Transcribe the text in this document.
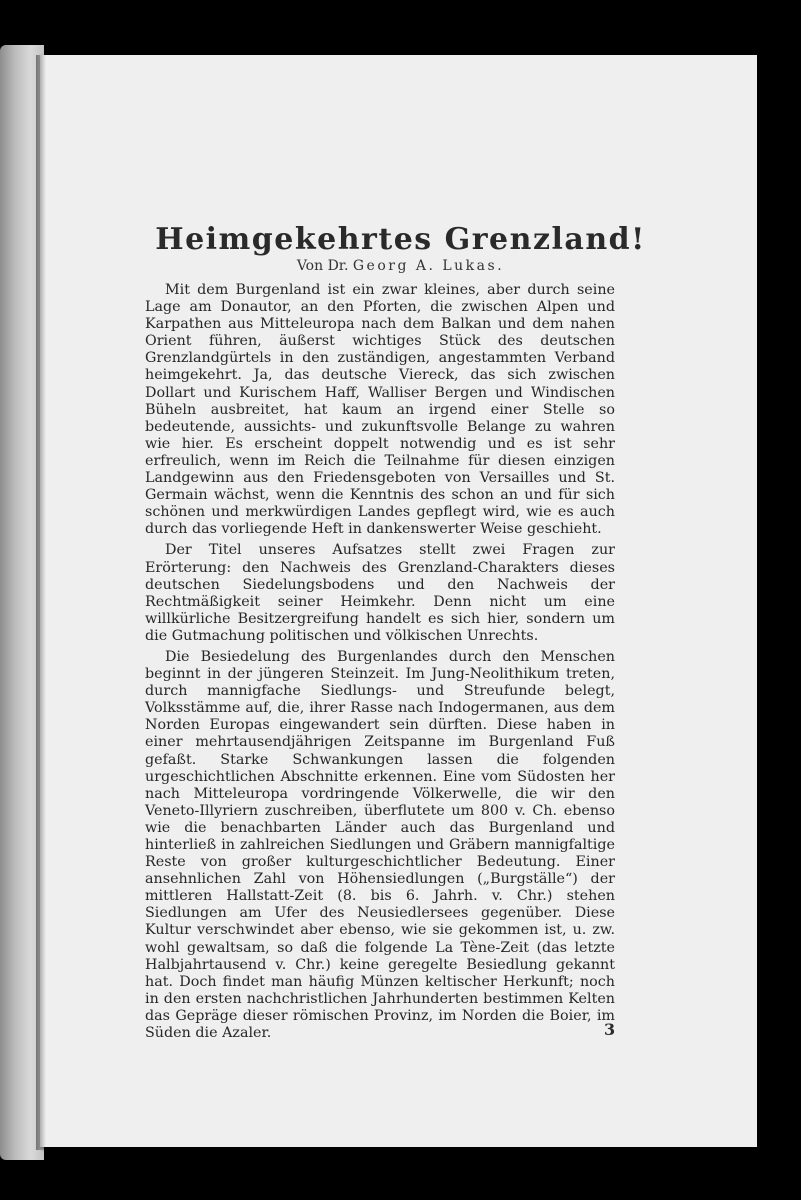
Heimgekehrtes Grenzland!
Von Dr. Georg A. Lukas.

Mit dem Burgenland ist ein zwar kleines, aber durch seine Lage am Donautor, an den Pforten, die zwischen Alpen und Karpathen aus Mitteleuropa nach dem Balkan und dem nahen Orient führen, äußerst wichtiges Stück des deutschen Grenzlandgürtels in den zuständigen, angestammten Verband heimgekehrt. Ja, das deutsche Viereck, das sich zwischen Dollart und Kurischem Haff, Walliser Bergen und Windischen Büheln ausbreitet, hat kaum an irgend einer Stelle so bedeutende, aussichts- und zukunftsvolle Belange zu wahren wie hier. Es erscheint doppelt notwendig und es ist sehr erfreulich, wenn im Reich die Teilnahme für diesen einzigen Landgewinn aus den Friedensgeboten von Versailles und St. Germain wächst, wenn die Kenntnis des schon an und für sich schönen und merkwürdigen Landes gepflegt wird, wie es auch durch das vorliegende Heft in dankenswerter Weise geschieht.

Der Titel unseres Aufsatzes stellt zwei Fragen zur Erörterung: den Nachweis des Grenzland-Charakters dieses deutschen Siedelungsbodens und den Nachweis der Rechtmäßigkeit seiner Heimkehr. Denn nicht um eine willkürliche Besitzergreifung handelt es sich hier, sondern um die Gutmachung politischen und völkischen Unrechts.

Die Besiedelung des Burgenlandes durch den Menschen beginnt in der jüngeren Steinzeit. Im Jung-Neolithikum treten, durch mannigfache Siedlungs- und Streufunde belegt, Volksstämme auf, die, ihrer Rasse nach Indogermanen, aus dem Norden Europas eingewandert sein dürften. Diese haben in einer mehrtausendjährigen Zeitspanne im Burgenland Fuß gefaßt. Starke Schwankungen lassen die folgenden urgeschichtlichen Abschnitte erkennen. Eine vom Südosten her nach Mitteleuropa vordringende Völkerwelle, die wir den Veneto-Illyriern zuschreiben, überflutete um 800 v. Ch. ebenso wie die benachbarten Länder auch das Burgenland und hinterließ in zahlreichen Siedlungen und Gräbern mannigfaltige Reste von großer kulturgeschichtlicher Bedeutung. Einer ansehnlichen Zahl von Höhensiedlungen („Burgställe“) der mittleren Hallstatt-Zeit (8. bis 6. Jahrh. v. Chr.) stehen Siedlungen am Ufer des Neusiedlersees gegenüber. Diese Kultur verschwindet aber ebenso, wie sie gekommen ist, u. zw. wohl gewaltsam, so daß die folgende La Tène-Zeit (das letzte Halbjahrtausend v. Chr.) keine geregelte Besiedlung gekannt hat. Doch findet man häufig Münzen keltischer Herkunft; noch in den ersten nachchristlichen Jahrhunderten bestimmen Kelten das Gepräge dieser römischen Provinz, im Norden die Boier, im Süden die Azaler.	3
